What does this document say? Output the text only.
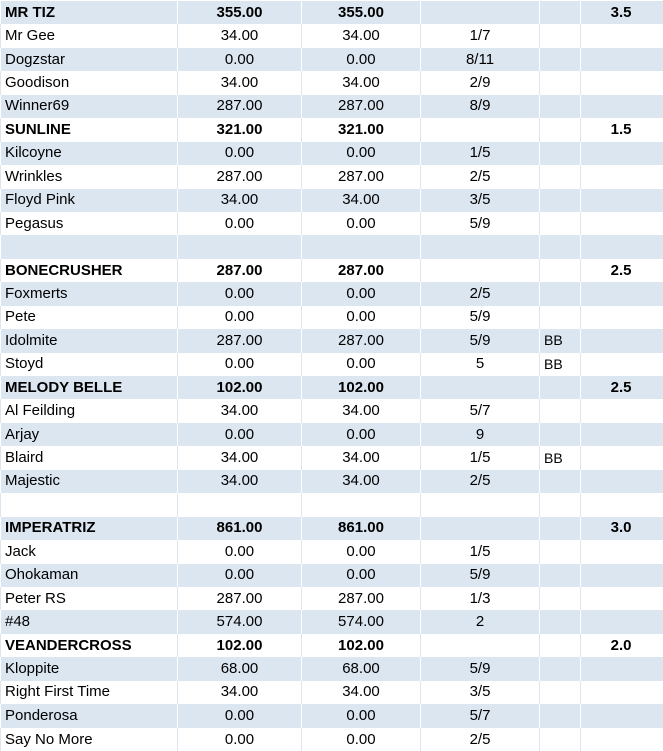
MR TIZ	355.00	355.00			3.5
Mr Gee	34.00	34.00	1/7		
Dogzstar	0.00	0.00	8/11		
Goodison	34.00	34.00	2/9		
Winner69	287.00	287.00	8/9		
SUNLINE	321.00	321.00			1.5
Kilcoyne	0.00	0.00	1/5		
Wrinkles	287.00	287.00	2/5		
Floyd Pink	34.00	34.00	3/5		
Pegasus	0.00	0.00	5/9		

BONECRUSHER	287.00	287.00			2.5
Foxmerts	0.00	0.00	2/5		
Pete	0.00	0.00	5/9		
Idolmite	287.00	287.00	5/9	BB	
Stoyd	0.00	0.00	5	BB	
MELODY BELLE	102.00	102.00			2.5
Al Feilding	34.00	34.00	5/7		
Arjay	0.00	0.00	9		
Blaird	34.00	34.00	1/5	BB	
Majestic	34.00	34.00	2/5		

IMPERATRIZ	861.00	861.00			3.0
Jack	0.00	0.00	1/5		
Ohokaman	0.00	0.00	5/9		
Peter RS	287.00	287.00	1/3		
#48	574.00	574.00	2		
VEANDERCROSS	102.00	102.00			2.0
Kloppite	68.00	68.00	5/9		
Right First Time	34.00	34.00	3/5		
Ponderosa	0.00	0.00	5/7		
Say No More	0.00	0.00	2/5		
